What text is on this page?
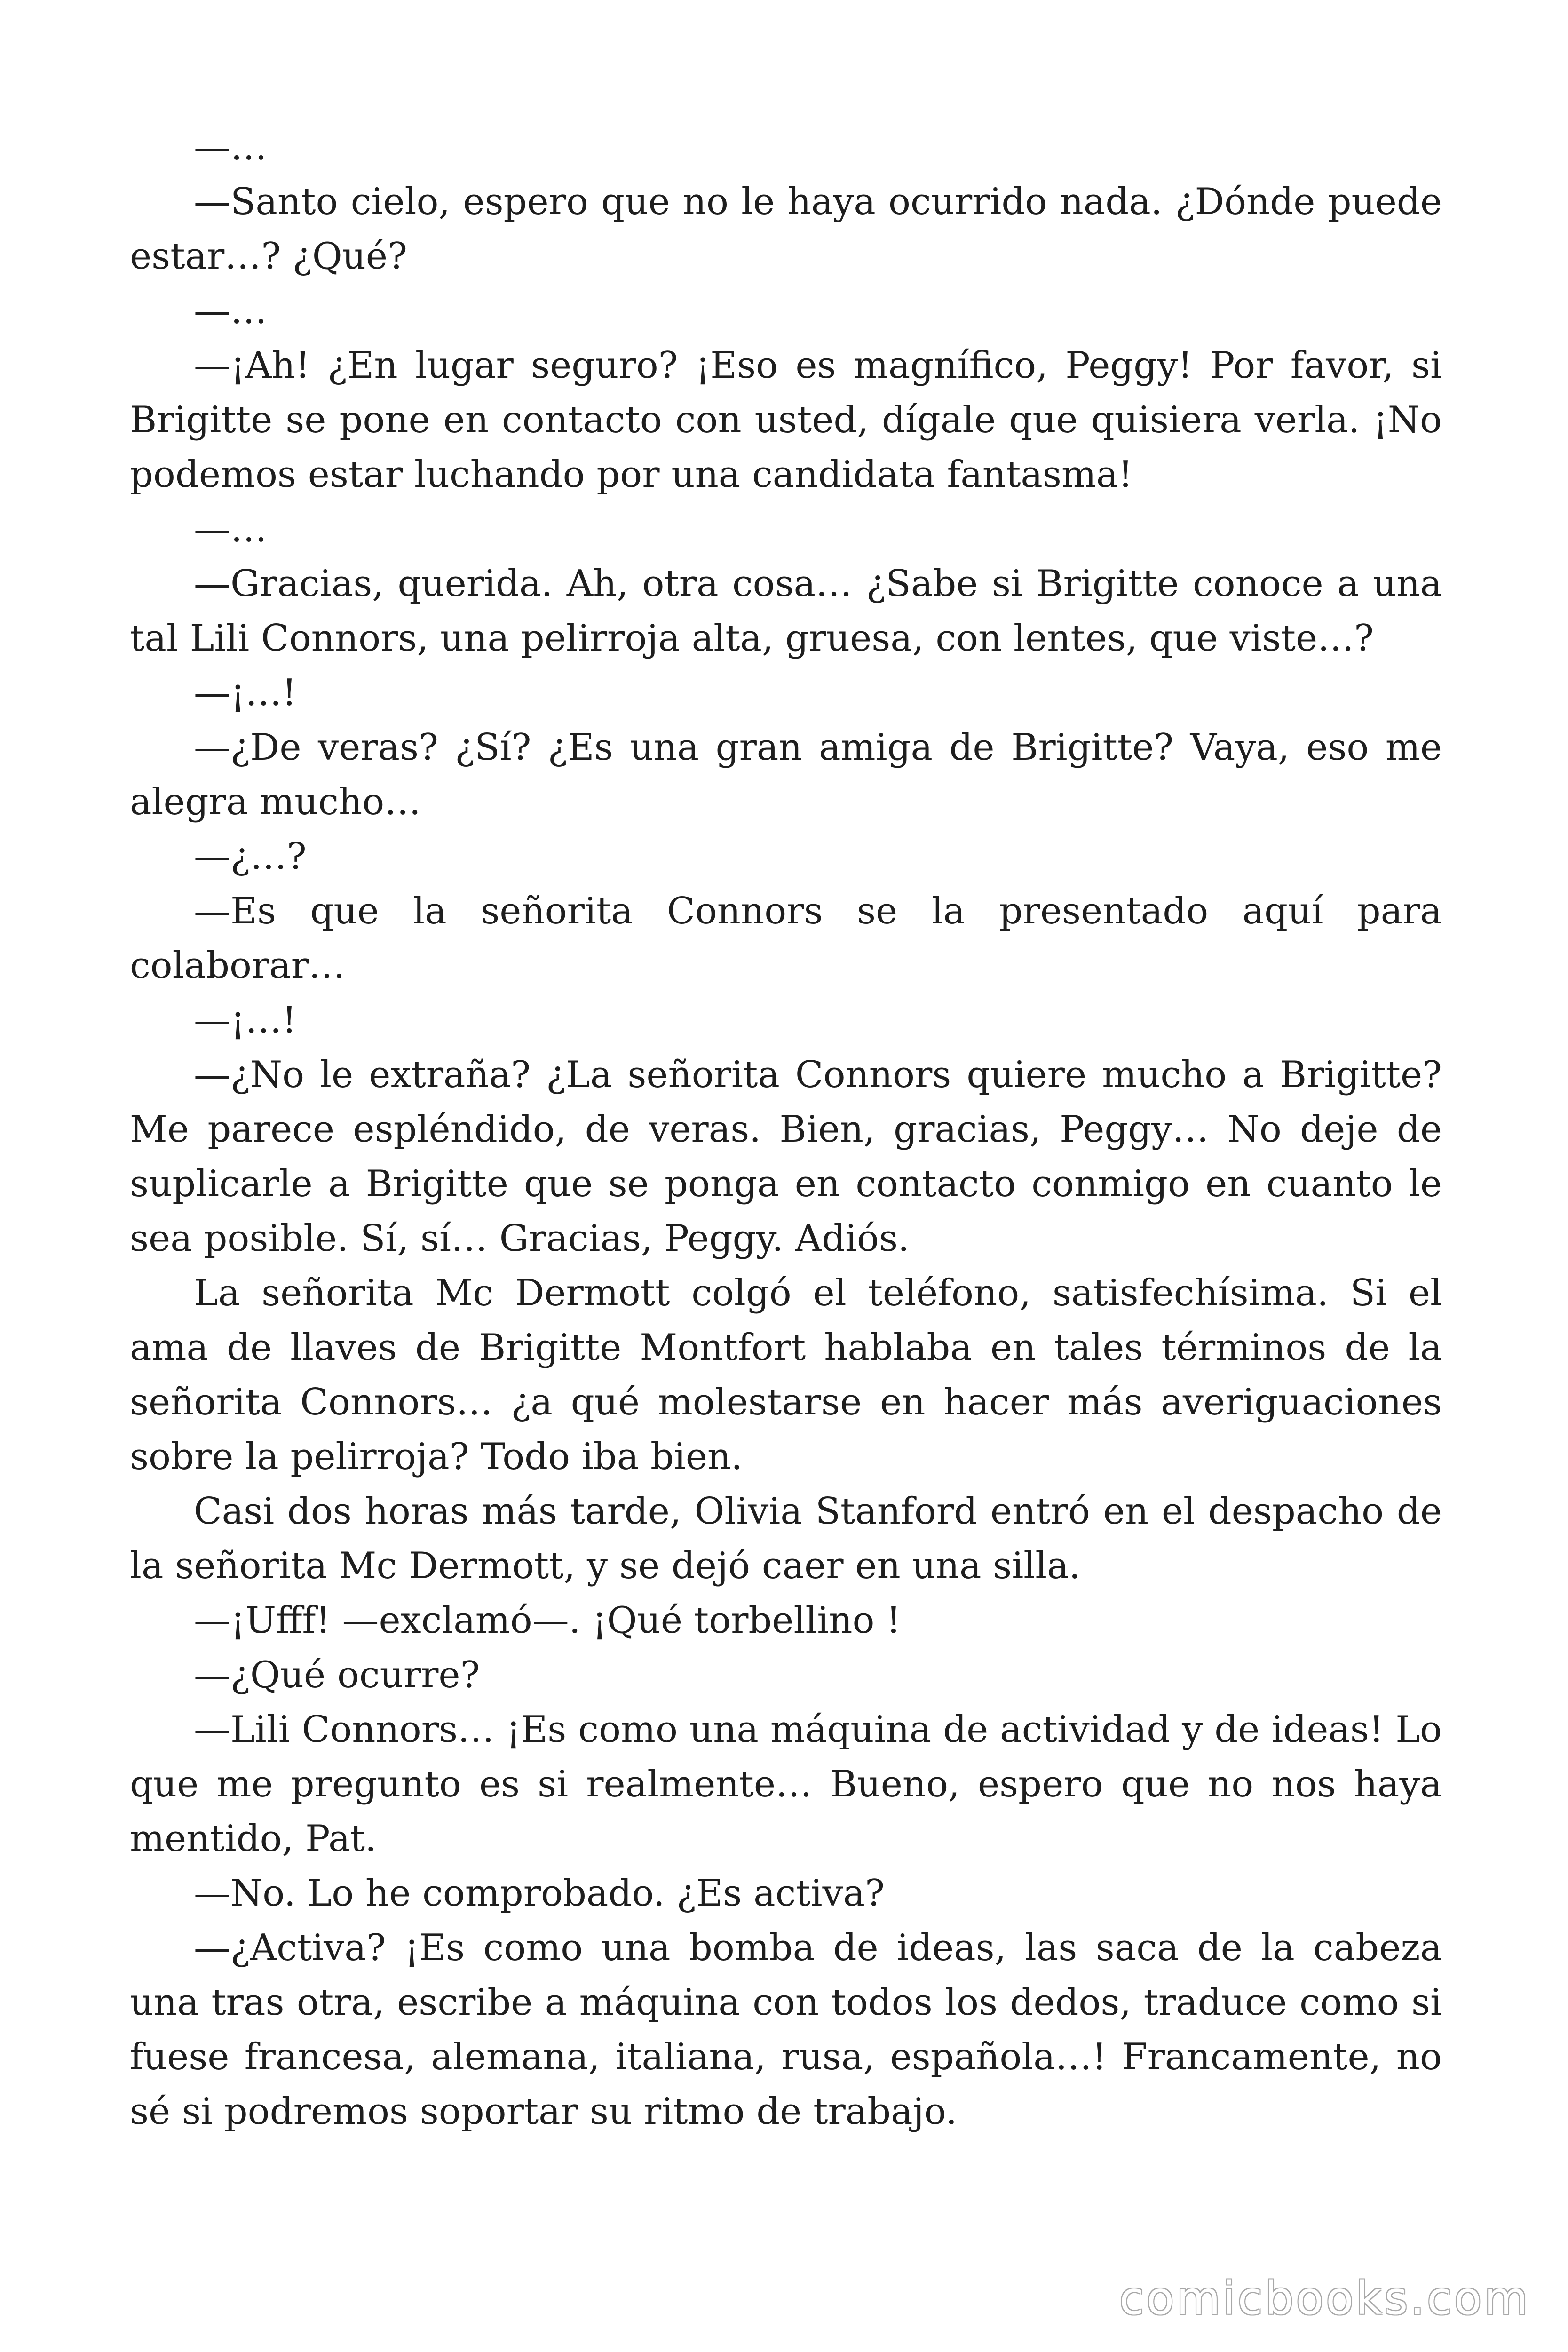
—…

—Santo cielo, espero que no le haya ocurrido nada. ¿Dónde puede estar…? ¿Qué?

—…

—¡Ah! ¿En lugar seguro? ¡Eso es magnífico, Peggy! Por favor, si Brigitte se pone en contacto con usted, dígale que quisiera verla. ¡No podemos estar luchando por una candidata fantasma!

—…

—Gracias, querida. Ah, otra cosa… ¿Sabe si Brigitte conoce a una tal Lili Connors, una pelirroja alta, gruesa, con lentes, que viste…?

—¡…!

—¿De veras? ¿Sí? ¿Es una gran amiga de Brigitte? Vaya, eso me alegra mucho…

—¿…?

—Es que la señorita Connors se la presentado aquí para colaborar…

—¡…!

—¿No le extraña? ¿La señorita Connors quiere mucho a Brigitte? Me parece espléndido, de veras. Bien, gracias, Peggy… No deje de suplicarle a Brigitte que se ponga en contacto conmigo en cuanto le sea posible. Sí, sí… Gracias, Peggy. Adiós.

La señorita Mc Dermott colgó el teléfono, satisfechísima. Si el ama de llaves de Brigitte Montfort hablaba en tales términos de la señorita Connors… ¿a qué molestarse en hacer más averiguaciones sobre la pelirroja? Todo iba bien.

Casi dos horas más tarde, Olivia Stanford entró en el despacho de la señorita Mc Dermott, y se dejó caer en una silla.

—¡Ufff! —exclamó—. ¡Qué torbellino !

—¿Qué ocurre?

—Lili Connors… ¡Es como una máquina de actividad y de ideas! Lo que me pregunto es si realmente… Bueno, espero que no nos haya mentido, Pat.

—No. Lo he comprobado. ¿Es activa?

—¿Activa? ¡Es como una bomba de ideas, las saca de la cabeza una tras otra, escribe a máquina con todos los dedos, traduce como si fuese francesa, alemana, italiana, rusa, española…! Francamente, no sé si podremos soportar su ritmo de trabajo.

comicbooks.com
